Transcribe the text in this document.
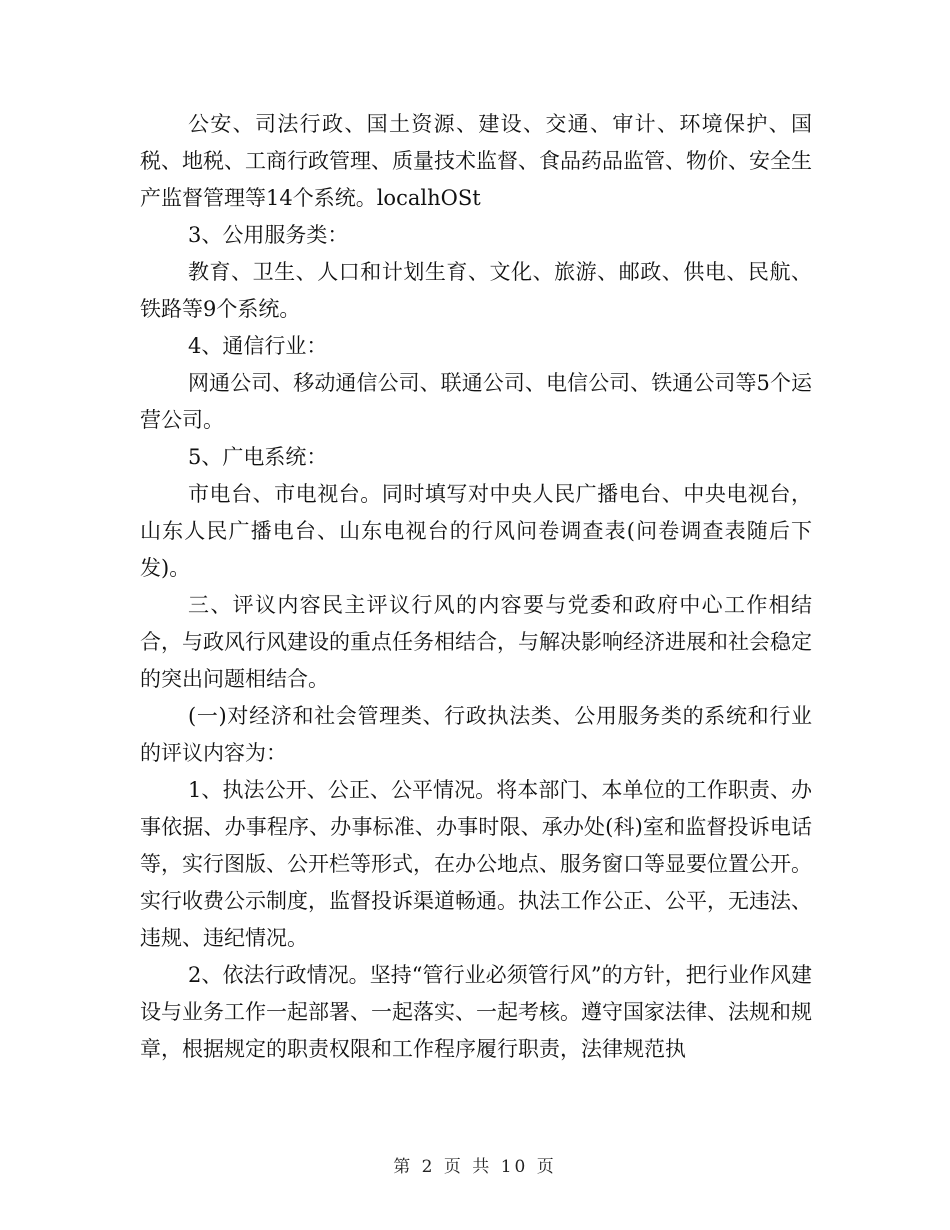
公安、司法行政、国土资源、建设、交通、审计、环境保护、国税、地税、工商行政管理、质量技术监督、食品药品监管、物价、安全生产监督管理等14个系统。localhOSt

3、公用服务类：

教育、卫生、人口和计划生育、文化、旅游、邮政、供电、民航、铁路等9个系统。

4、通信行业：

网通公司、移动通信公司、联通公司、电信公司、铁通公司等5个运营公司。

5、广电系统：

市电台、市电视台。同时填写对中央人民广播电台、中央电视台，山东人民广播电台、山东电视台的行风问卷调查表(问卷调查表随后下发)。

三、评议内容民主评议行风的内容要与党委和政府中心工作相结合，与政风行风建设的重点任务相结合，与解决影响经济进展和社会稳定的突出问题相结合。

(一)对经济和社会管理类、行政执法类、公用服务类的系统和行业的评议内容为：

1、执法公开、公正、公平情况。将本部门、本单位的工作职责、办事依据、办事程序、办事标准、办事时限、承办处(科)室和监督投诉电话等，实行图版、公开栏等形式，在办公地点、服务窗口等显要位置公开。实行收费公示制度，监督投诉渠道畅通。执法工作公正、公平，无违法、违规、违纪情况。

2、依法行政情况。坚持“管行业必须管行风”的方针，把行业作风建设与业务工作一起部署、一起落实、一起考核。遵守国家法律、法规和规章，根据规定的职责权限和工作程序履行职责，法律规范执

第 2 页 共 10 页
